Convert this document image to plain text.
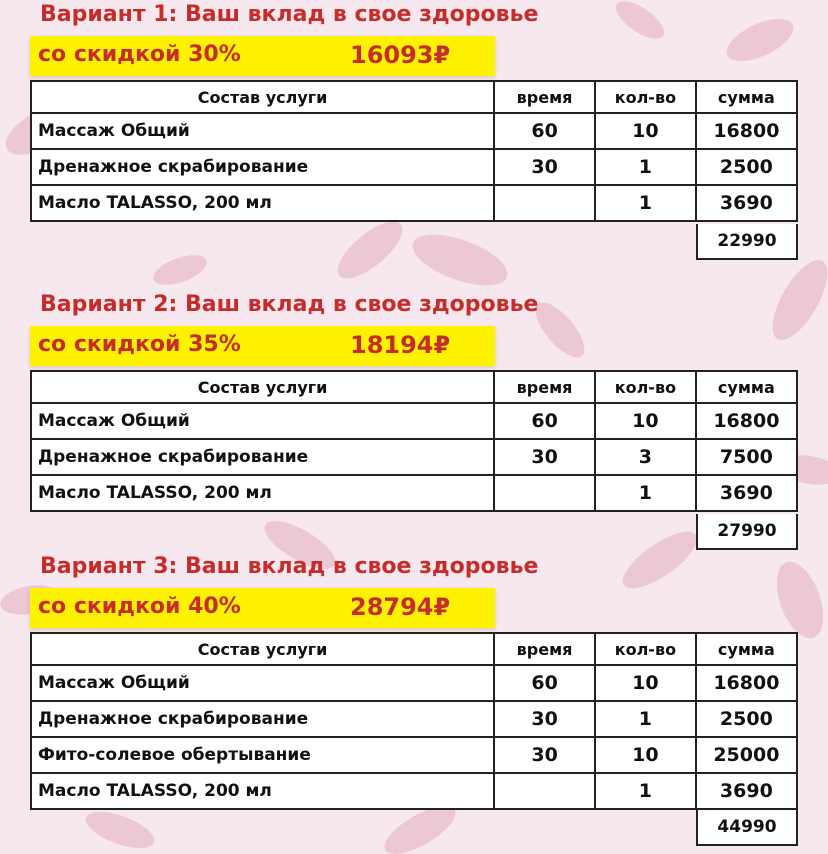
Вариант 1: Ваш вклад в свое здоровье
со скидкой 30%	16093₽
Состав услуги	время	кол-во	сумма
Массаж Общий	60	10	16800
Дренажное скрабирование	30	1	2500
Масло TALASSO, 200 мл		1	3690
22990
Вариант 2: Ваш вклад в свое здоровье
со скидкой 35%	18194₽
Состав услуги	время	кол-во	сумма
Массаж Общий	60	10	16800
Дренажное скрабирование	30	3	7500
Масло TALASSO, 200 мл		1	3690
27990
Вариант 3: Ваш вклад в свое здоровье
со скидкой 40%	28794₽
Состав услуги	время	кол-во	сумма
Массаж Общий	60	10	16800
Дренажное скрабирование	30	1	2500
Фито-солевое обертывание	30	10	25000
Масло TALASSO, 200 мл		1	3690
44990
